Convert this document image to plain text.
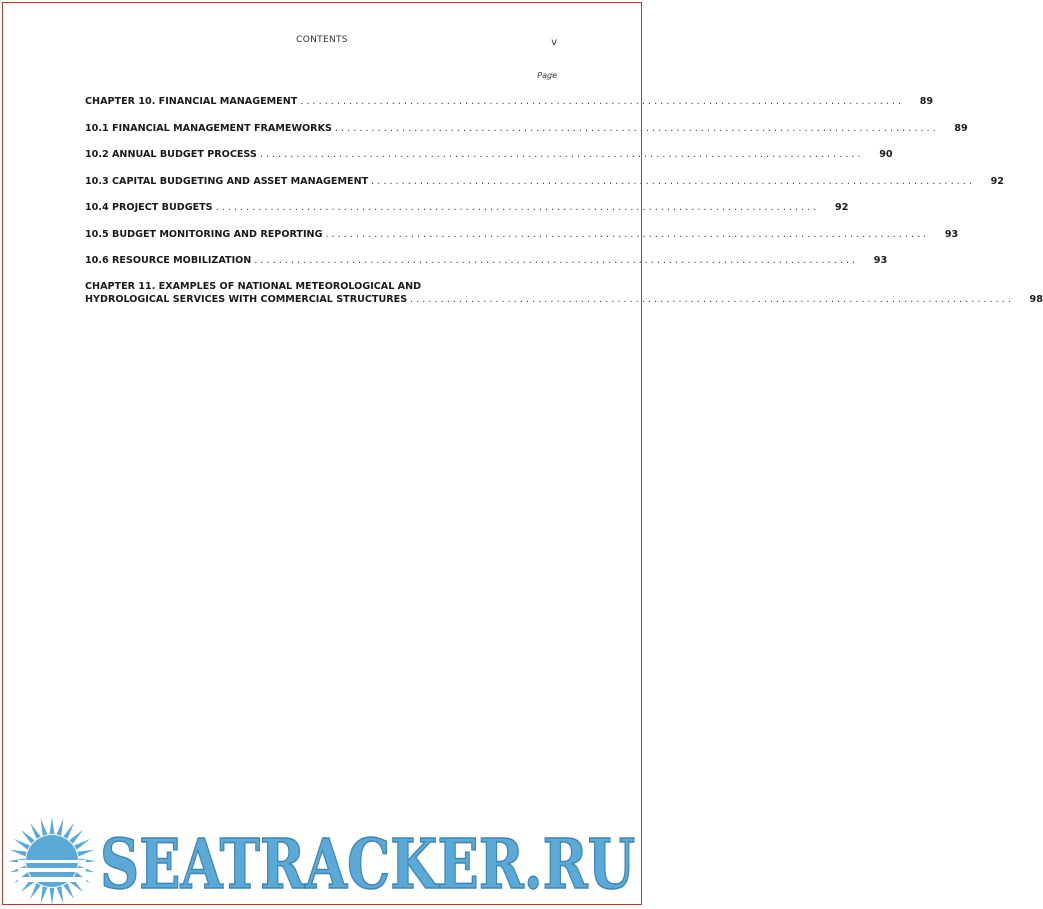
CONTENTS	v
Page
CHAPTER 10. FINANCIAL MANAGEMENT . . .	89
10.1 FINANCIAL MANAGEMENT FRAMEWORKS . . .	89
10.2 ANNUAL BUDGET PROCESS . . .	90
10.3 CAPITAL BUDGETING AND ASSET MANAGEMENT . . .	92
10.4 PROJECT BUDGETS . . .	92
10.5 BUDGET MONITORING AND REPORTING . . .	93
10.6 RESOURCE MOBILIZATION . . .	93
CHAPTER 11. EXAMPLES OF NATIONAL METEOROLOGICAL AND
HYDROLOGICAL SERVICES WITH COMMERCIAL STRUCTURES . . .	98
SEATRACKER.RU
